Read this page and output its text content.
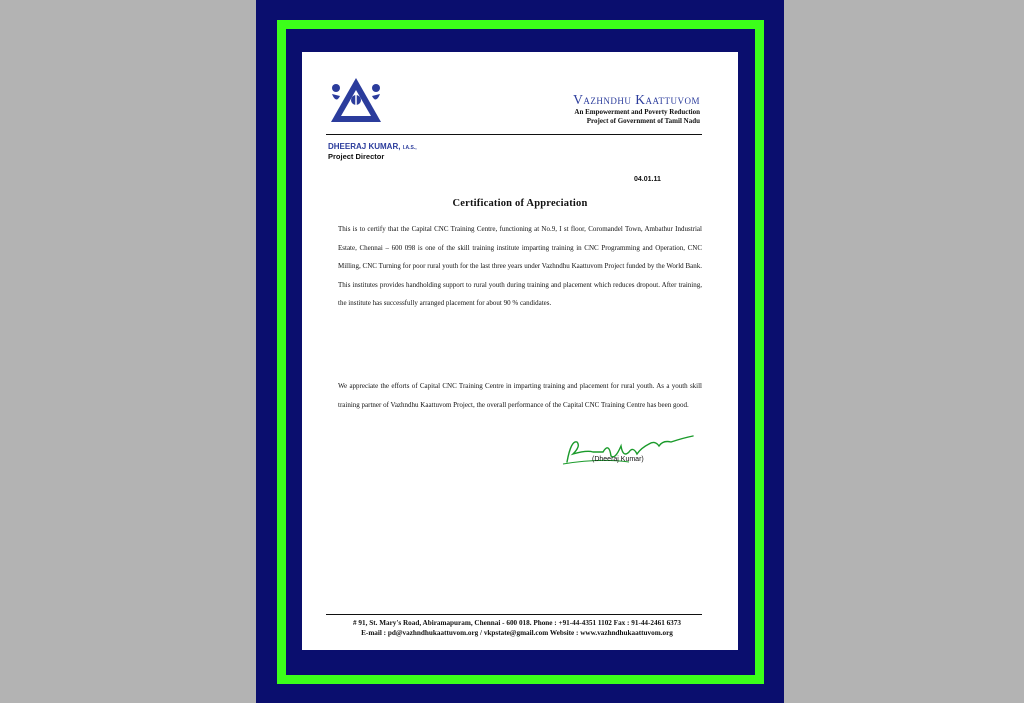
Vazhndhu Kaattuvom
An Empowerment and Poverty Reduction
Project of Government of Tamil Nadu
DHEERAJ KUMAR, I.A.S.,
Project Director
04.01.11
Certification of Appreciation
This is to certify that the Capital CNC Training Centre, functioning at No.9, I st floor, Coromandel Town, Ambathur Industrial Estate, Chennai – 600 098 is one of the skill training institute imparting training in CNC Programming and Operation, CNC Milling, CNC Turning for poor rural youth for the last three years under Vazhndhu Kaattuvom Project funded by the World Bank. This institutes provides handholding support to rural youth during training and placement which reduces dropout. After training, the institute has successfully arranged placement for about 90 % candidates.
We appreciate the efforts of Capital CNC Training Centre in imparting training and placement for rural youth. As a youth skill training partner of Vazhndhu Kaattuvom Project, the overall performance of the Capital CNC Training Centre has been good.
(Dheeraj Kumar)
# 91, St. Mary's Road, Abiramapuram, Chennai - 600 018. Phone : +91-44-4351 1102 Fax : 91-44-2461 6373
E-mail : pd@vazhndhukaattuvom.org / vkpstate@gmail.com Website : www.vazhndhukaattuvom.org
